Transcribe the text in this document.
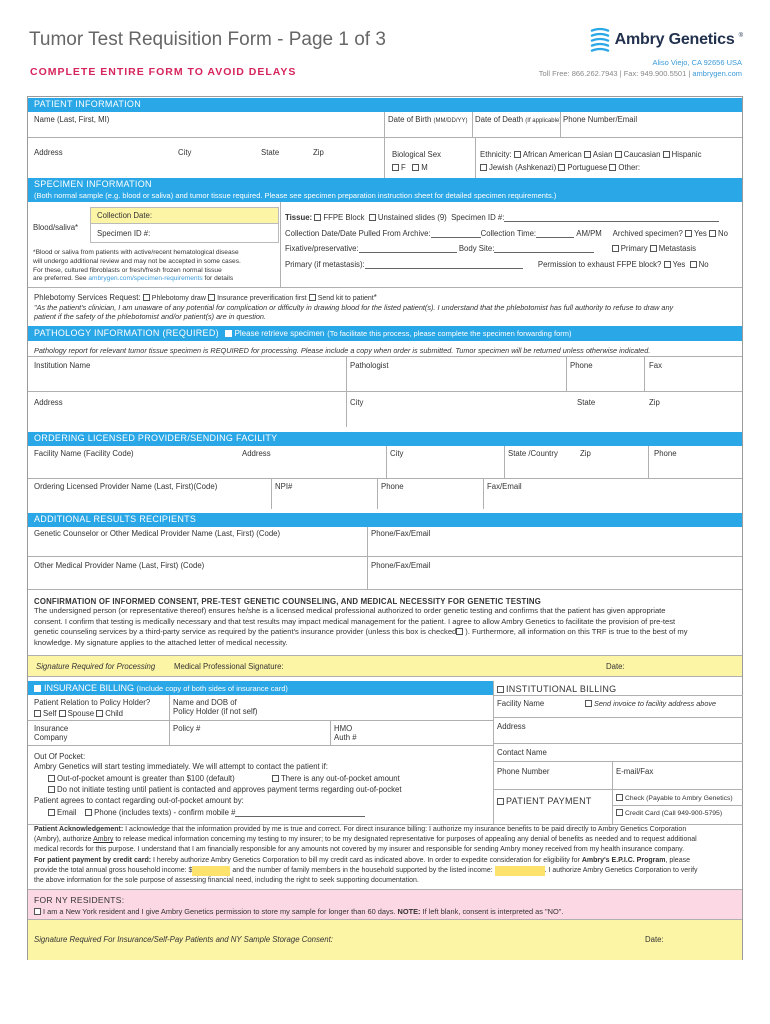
Tumor Test Requisition Form - Page 1 of 3
COMPLETE ENTIRE FORM TO AVOID DELAYS
Ambry Genetics ®
Aliso Viejo, CA 92656 USA
Toll Free: 866.262.7943 | Fax: 949.900.5501 | ambrygen.com
PATIENT INFORMATION
Name (Last, First, MI)	Date of Birth (MM/DD/YY) Date of Death (If applicable) Phone Number/Email
Address	City	State	Zip	Biological Sex
F M
Ethnicity: African American Asian Caucasian Hispanic
Jewish (Ashkenazi) Portuguese Other:
SPECIMEN INFORMATION
(Both normal sample (e.g. blood or saliva) and tumor tissue required. Please see specimen preparation instruction sheet for detailed specimen requirements.)
Blood/saliva*
Collection Date:
Specimen ID #:
*Blood or saliva from patients with active/recent hematological disease
will undergo additional review and may not be accepted in some cases.
For these, cultured fibroblasts or fresh/fresh frozen normal tissue
are preferred. See ambrygen.com/specimen-requirements for details
Tissue: FFPE Block Unstained slides (9) Specimen ID #:
Collection Date/Date Pulled From Archive:	Collection Time:	AM/PM Archived specimen? Yes No
Fixative/preservative:	Body Site:	Primary Metastasis
Primary (if metastasis):	Permission to exhaust FFPE block? Yes No
Phlebotomy Services Request: Phlebotomy draw Insurance preverification first Send kit to patient*
"As the patient's clinician, I am unaware of any potential for complication or difficulty in drawing blood for the listed patient(s). I understand that the phlebotomist has full authority to refuse to draw any
patient if the safety of the phlebotomist and/or patient(s) are in question.
PATHOLOGY INFORMATION (REQUIRED) Please retrieve specimen (To facilitate this process, please complete the specimen forwarding form)
Pathology report for relevant tumor tissue specimen is REQUIRED for processing. Please include a copy when order is submitted. Tumor specimen will be returned unless otherwise indicated.
Institution Name	Pathologist	Phone	Fax
Address	City	State	Zip
ORDERING LICENSED PROVIDER/SENDING FACILITY
Facility Name (Facility Code)	Address	City	State /Country	Zip	Phone
Ordering Licensed Provider Name (Last, First)(Code)	NPI#	Phone	Fax/Email
ADDITIONAL RESULTS RECIPIENTS
Genetic Counselor or Other Medical Provider Name (Last, First) (Code)	Phone/Fax/Email
Other Medical Provider Name (Last, First) (Code)	Phone/Fax/Email
CONFIRMATION OF INFORMED CONSENT, PRE-TEST GENETIC COUNSELING, AND MEDICAL NECESSITY FOR GENETIC TESTING
The undersigned person (or representative thereof) ensures he/she is a licensed medical professional authorized to order genetic testing and confirms that the patient has given appropriate
consent. I confirm that testing is medically necessary and that test results may impact medical management for the patient. I agree to allow Ambry Genetics to facilitate the provision of pre-test
genetic counseling services by a third-party service as required by the patient's insurance provider (unless this box is checked ). Furthermore, all information on this TRF is true to the best of my
knowledge. My signature applies to the attached letter of medical necessity.
Signature Required for Processing Medical Professional Signature:	Date:
INSURANCE BILLING (Include copy of both sides of insurance card)
Patient Relation to Policy Holder?
Self Spouse Child
Name and DOB of
Policy Holder (if not self)
Insurance
Company
Policy #	HMO
Auth #
Out Of Pocket:
Ambry Genetics will start testing immediately. We will attempt to contact the patient if:
Out-of-pocket amount is greater than $100 (default)	There is any out-of-pocket amount
Do not initiate testing until patient is contacted and approves payment terms regarding out-of-pocket
Patient agrees to contact regarding out-of-pocket amount by:
Email Phone (includes texts) - confirm mobile #
INSTITUTIONAL BILLING
Facility Name	Send invoice to facility address above
Address
Contact Name
Phone Number	E-mail/Fax
PATIENT PAYMENT	Check (Payable to Ambry Genetics)
Credit Card (Call 949-900-5795)
Patient Acknowledgement: I acknowledge that the information provided by me is true and correct. For direct insurance billing: I authorize my insurance benefits to be paid directly to Ambry Genetics Corporation
(Ambry), authorize Ambry to release medical information concerning my testing to my insurer; to be my designated representative for purposes of appealing any denial of benefits as needed and to request additional
medical records for this purpose. I understand that I am financially responsible for any amounts not covered by my insurer and responsible for sending Ambry money received from my health insurance company.
For patient payment by credit card: I hereby authorize Ambry Genetics Corporation to bill my credit card as indicated above. In order to expedite consideration for eligibility for Ambry's E.P.I.C. Program, please
provide the total annual gross household income: $	and the number of family members in the household supported by the listed income:	. I authorize Ambry Genetics Corporation to verify
the above information for the sole purpose of assessing financial need, including the right to seek supporting documentation.
FOR NY RESIDENTS:
I am a New York resident and I give Ambry Genetics permission to store my sample for longer than 60 days. NOTE: If left blank, consent is interpreted as "NO".
Signature Required For Insurance/Self-Pay Patients and NY Sample Storage Consent:	Date:
